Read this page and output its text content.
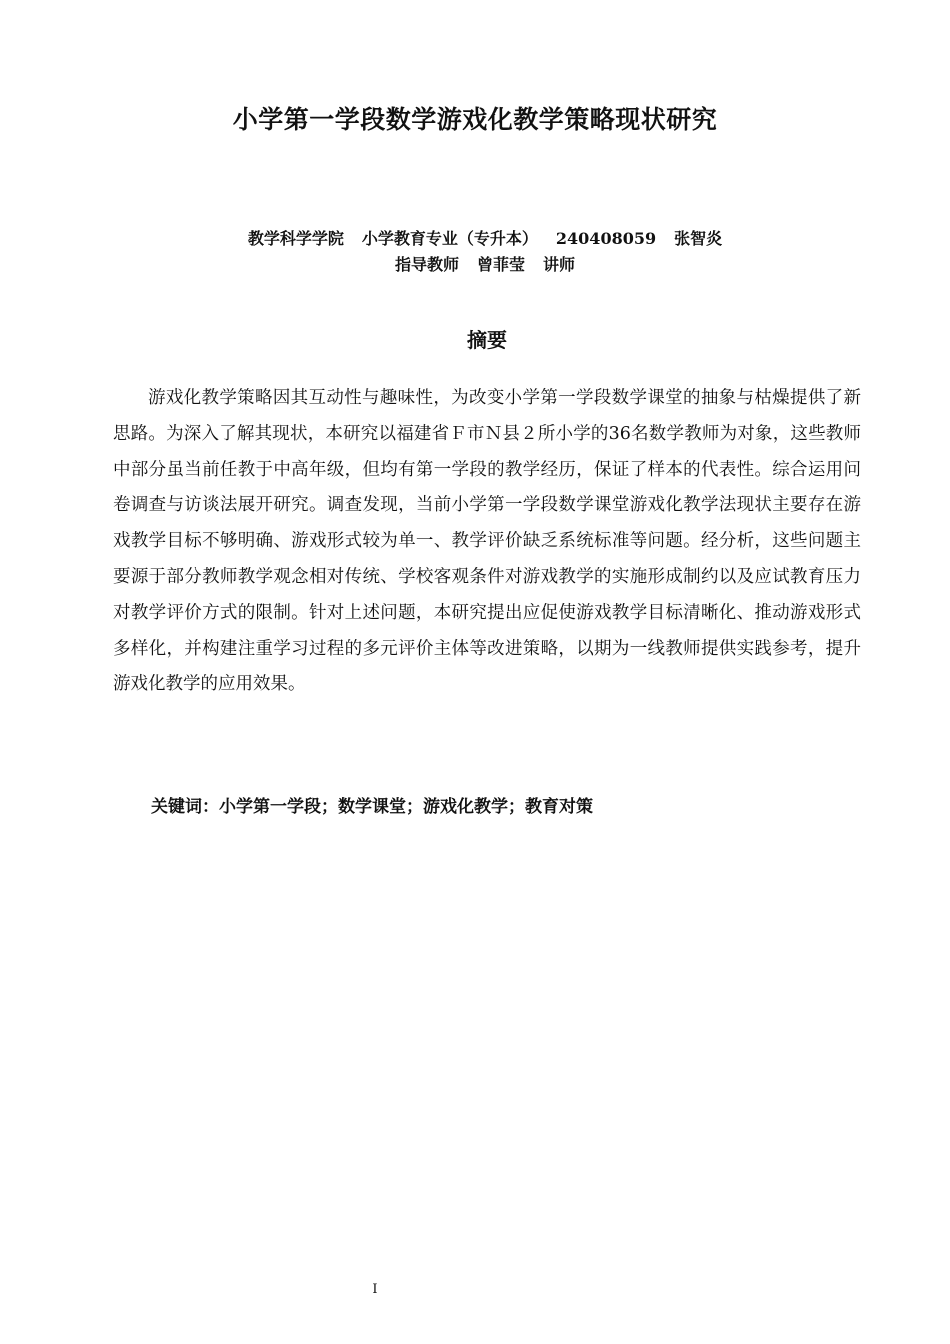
小学第一学段数学游戏化教学策略现状研究
教学科学学院 小学教育专业（专升本） 240408059 张智炎
指导教师 曾菲莹 讲师
摘要

游戏化教学策略因其互动性与趣味性，为改变小学第一学段数学课堂的抽象与枯燥提供了新思路。为深入了解其现状，本研究以福建省Ｆ市Ｎ县２所小学的36名数学教师为对象，这些教师中部分虽当前任教于中高年级，但均有第一学段的教学经历，保证了样本的代表性。综合运用问卷调查与访谈法展开研究。调查发现，当前小学第一学段数学课堂游戏化教学法现状主要存在游戏教学目标不够明确、游戏形式较为单一、教学评价缺乏系统标准等问题。经分析，这些问题主要源于部分教师教学观念相对传统、学校客观条件对游戏教学的实施形成制约以及应试教育压力对教学评价方式的限制。针对上述问题，本研究提出应促使游戏教学目标清晰化、推动游戏形式多样化，并构建注重学习过程的多元评价主体等改进策略，以期为一线教师提供实践参考，提升游戏化教学的应用效果。

关键词：小学第一学段；数学课堂；游戏化教学；教育对策
I
